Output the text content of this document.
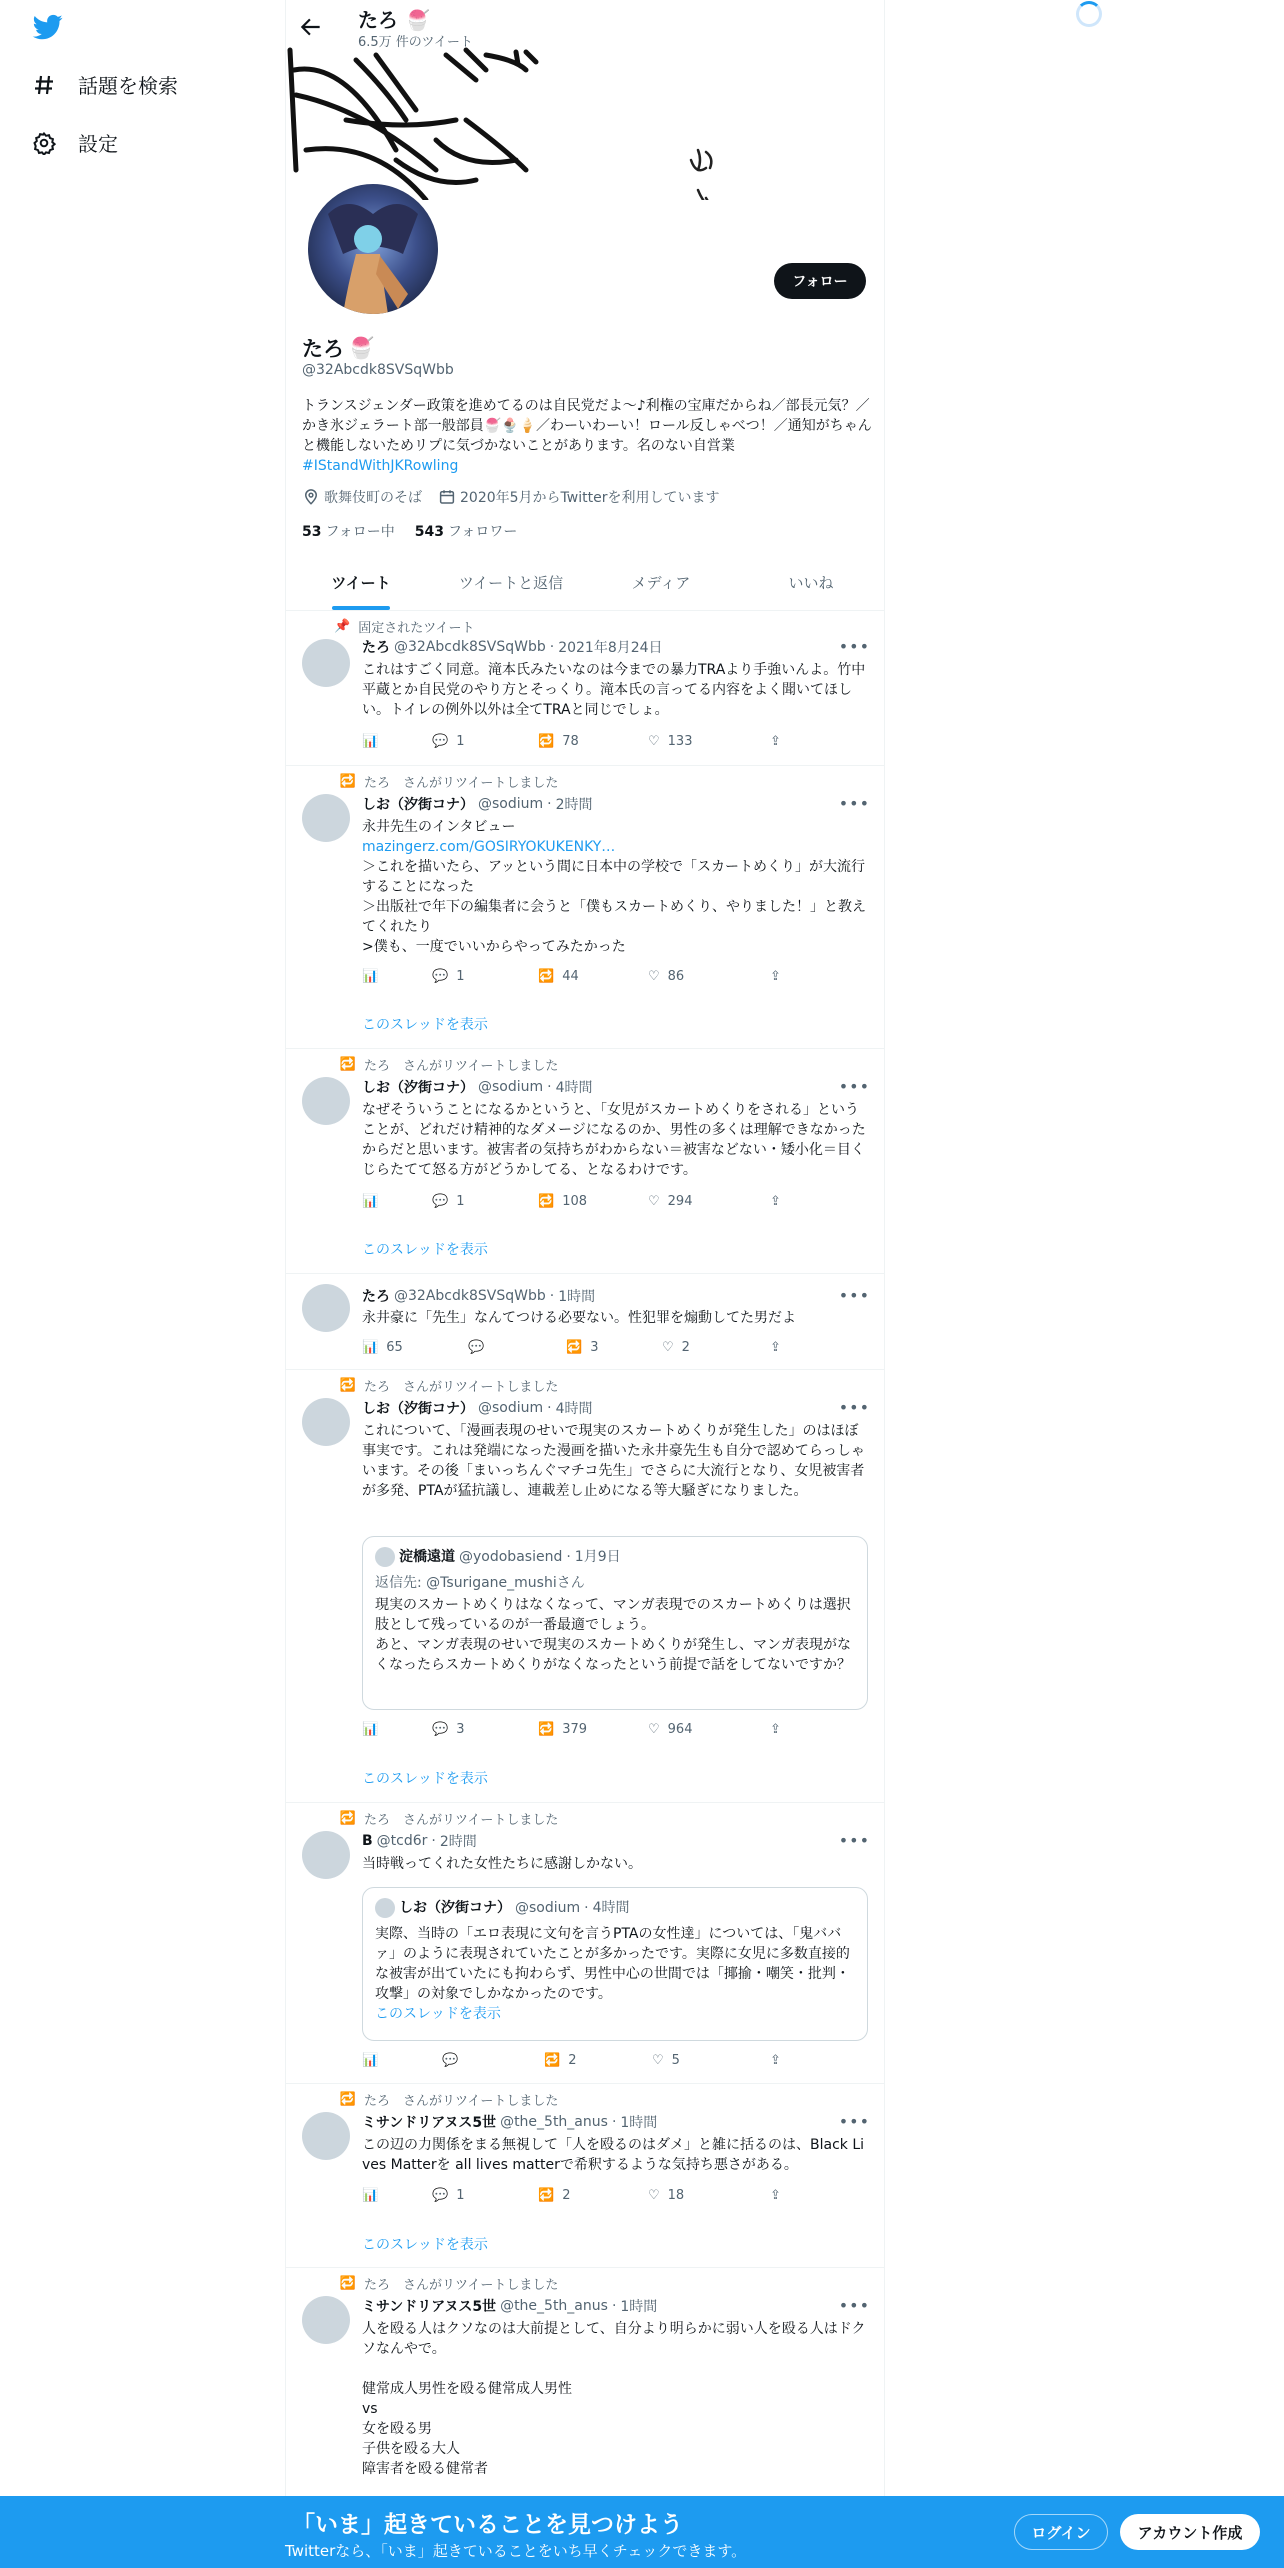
話題を検索
設定
たろ 🍧
6.5万 件のツイート
フォロー
たろ 🍧
@32Abcdk8SVSqWbb
トランスジェンダー政策を進めてるのは自民党だよ〜♪利権の宝庫だからね／部長元気？／かき氷ジェラート部一般部員🍧🍨🍦／わーいわーい！ロール反しゃべつ！／通知がちゃんと機能しないためリプに気づかないことがあります。名のない自営業 #IStandWithJKRowling
歌舞伎町のそば	2020年5月からTwitterを利用しています
53 フォロー中 543 フォロワー
ツイート	ツイートと返信	メディア	いいね
📌 固定されたツイート
たろ @32Abcdk8SVSqWbb · 2021年8月24日	•••
これはすごく同意。滝本氏みたいなのは今までの暴力TRAより手強いんよ。竹中平蔵とか自民党のやり方とそっくり。滝本氏の言ってる内容をよく聞いてほしい。トイレの例外以外は全てTRAと同じでしょ。
📊	💬 1	🔁 78	♡ 133	⇪
🔁 たろ　さんがリツイートしました
しお（汐街コナ） @sodium · 2時間	•••
永井先生のインタビュー
mazingerz.com/GOSIRYOKUKENKY…
＞これを描いたら、アッという間に日本中の学校で「スカートめくり」が大流行することになった
＞出版社で年下の編集者に会うと「僕もスカートめくり、やりました！」と教えてくれたり
>僕も、一度でいいからやってみたかった
📊	💬 1	🔁 44	♡ 86	⇪
このスレッドを表示
🔁 たろ　さんがリツイートしました
しお（汐街コナ） @sodium · 4時間	•••
なぜそういうことになるかというと、「女児がスカートめくりをされる」ということが、どれだけ精神的なダメージになるのか、男性の多くは理解できなかったからだと思います。被害者の気持ちがわからない＝被害などない・矮小化＝目くじらたてて怒る方がどうかしてる、となるわけです。
📊	💬 1	🔁 108	♡ 294	⇪
このスレッドを表示
たろ @32Abcdk8SVSqWbb · 1時間	•••
永井豪に「先生」なんてつける必要ない。性犯罪を煽動してた男だよ
📊 65	💬	🔁 3	♡ 2	⇪
🔁 たろ　さんがリツイートしました
しお（汐街コナ） @sodium · 4時間	•••
これについて、「漫画表現のせいで現実のスカートめくりが発生した」のはほぼ事実です。これは発端になった漫画を描いた永井豪先生も自分で認めてらっしゃいます。その後「まいっちんぐマチコ先生」でさらに大流行となり、女児被害者が多発、PTAが猛抗議し、連載差し止めになる等大騒ぎになりました。
淀橋遠道 @yodobasiend · 1月9日
返信先: @Tsurigane_mushiさん
現実のスカートめくりはなくなって、マンガ表現でのスカートめくりは選択肢として残っているのが一番最適でしょう。
あと、マンガ表現のせいで現実のスカートめくりが発生し、マンガ表現がなくなったらスカートめくりがなくなったという前提で話をしてないですか？
📊	💬 3	🔁 379	♡ 964	⇪
このスレッドを表示
🔁 たろ　さんがリツイートしました
B @tcd6r · 2時間	•••
当時戦ってくれた女性たちに感謝しかない。
しお（汐街コナ） @sodium · 4時間
実際、当時の「エロ表現に文句を言うPTAの女性達」については、「鬼ババァ」のように表現されていたことが多かったです。実際に女児に多数直接的な被害が出ていたにも拘わらず、男性中心の世間では「揶揄・嘲笑・批判・攻撃」の対象でしかなかったのです。
このスレッドを表示
📊	💬	🔁 2	♡ 5	⇪
🔁 たろ　さんがリツイートしました
ミサンドリアヌス5世 @the_5th_anus · 1時間	•••
この辺の力関係をまる無視して「人を殴るのはダメ」と雑に括るのは、Black Lives Matterを all lives matterで希釈するような気持ち悪さがある。
📊	💬 1	🔁 2	♡ 18	⇪
このスレッドを表示
🔁 たろ　さんがリツイートしました
ミサンドリアヌス5世 @the_5th_anus · 1時間	•••
人を殴る人はクソなのは大前提として、自分より明らかに弱い人を殴る人はドクソなんやで。

健常成人男性を殴る健常成人男性
vs
女を殴る男
子供を殴る大人
障害者を殴る健常者
「いま」起きていることを見つけよう
Twitterなら、「いま」起きていることをいち早くチェックできます。
ログイン	アカウント作成
